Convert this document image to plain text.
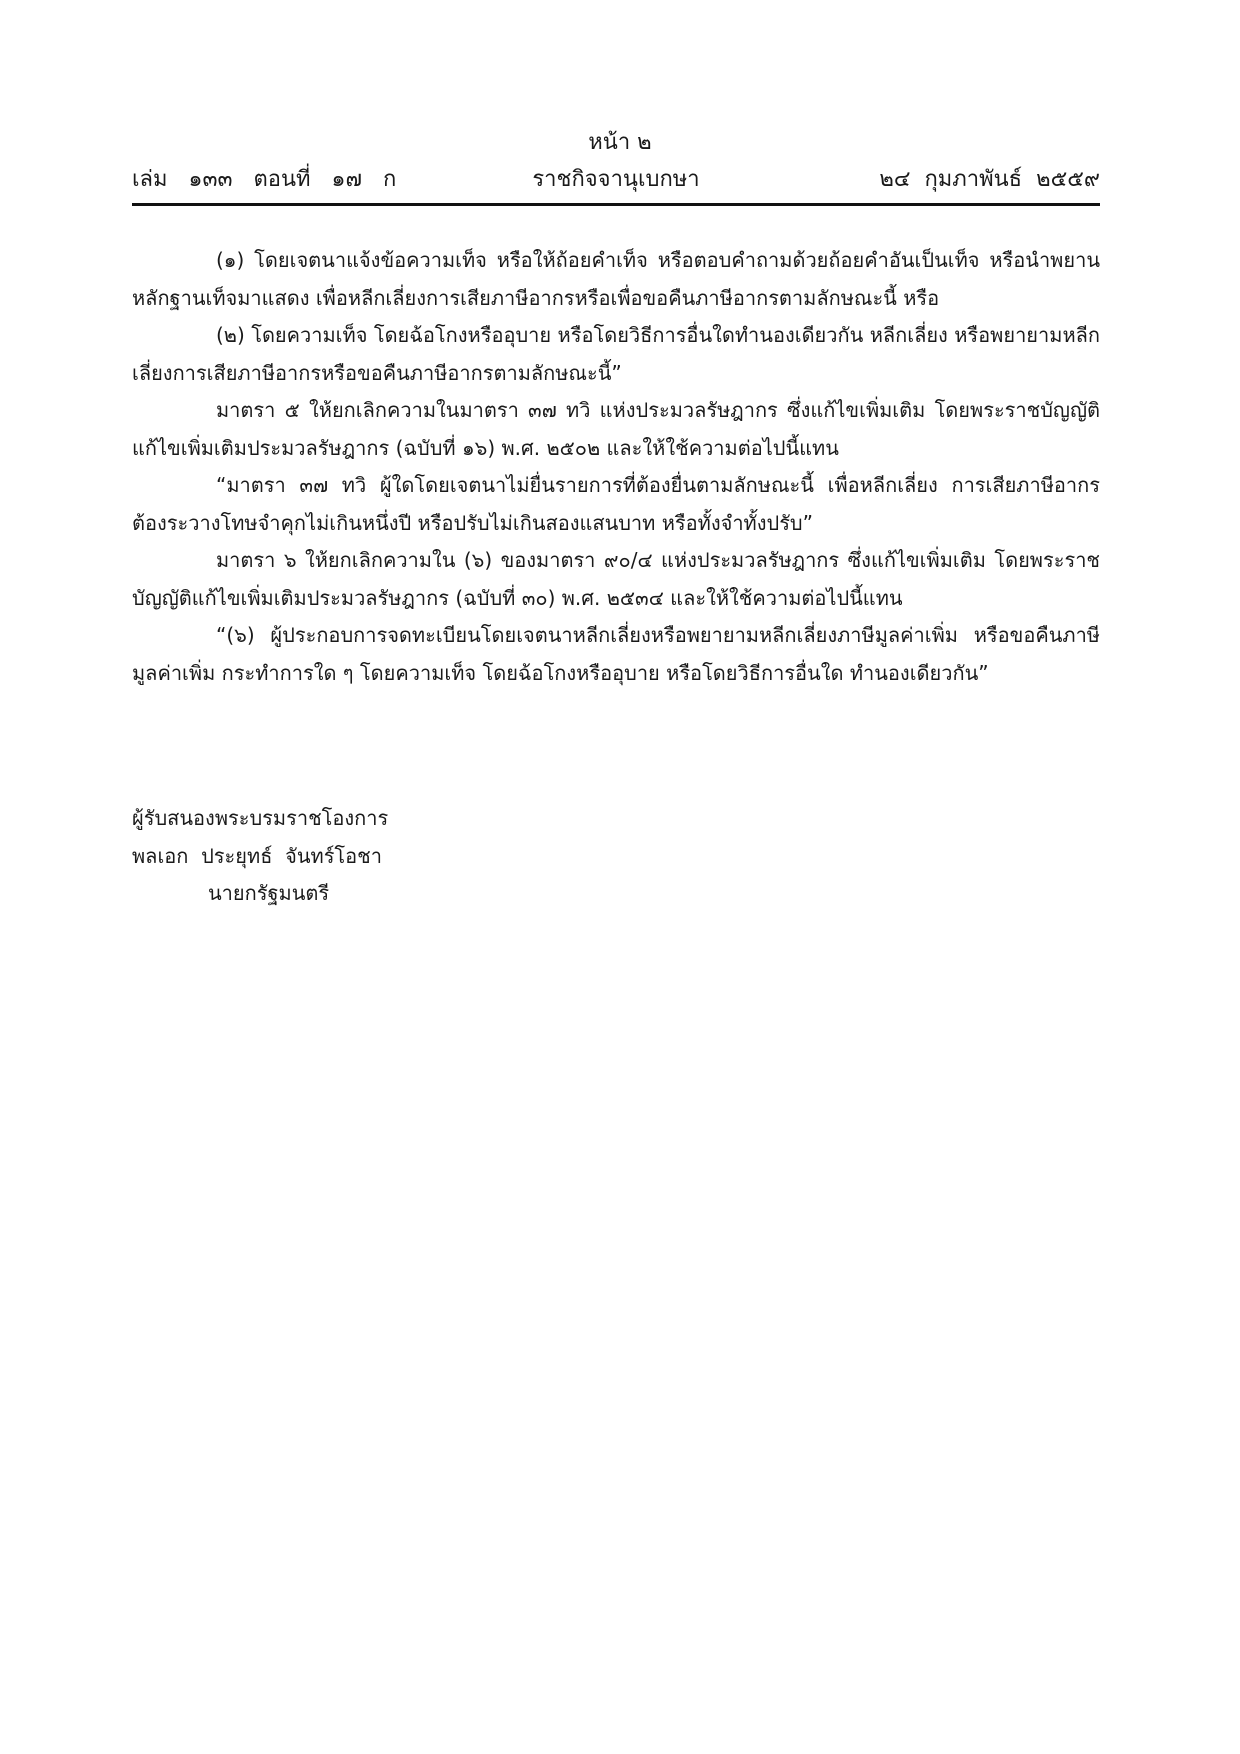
หน้า ๒
ราชกิจจานุเบกษา
เล่ม   ๑๓๓   ตอนที่   ๑๗   ก	๒๔  กุมภาพันธ์  ๒๕๕๙

(๑) โดยเจตนาแจ้งข้อความเท็จ หรือให้ถ้อยคำเท็จ หรือตอบคำถามด้วยถ้อยคำอันเป็นเท็จ หรือนำพยานหลักฐานเท็จมาแสดง เพื่อหลีกเลี่ยงการเสียภาษีอากรหรือเพื่อขอคืนภาษีอากรตามลักษณะนี้ หรือ

(๒) โดยความเท็จ โดยฉ้อโกงหรืออุบาย หรือโดยวิธีการอื่นใดทำนองเดียวกัน หลีกเลี่ยง หรือพยายามหลีกเลี่ยงการเสียภาษีอากรหรือขอคืนภาษีอากรตามลักษณะนี้”

มาตรา ๕ ให้ยกเลิกความในมาตรา ๓๗ ทวิ แห่งประมวลรัษฎากร ซึ่งแก้ไขเพิ่มเติม โดยพระราชบัญญัติแก้ไขเพิ่มเติมประมวลรัษฎากร (ฉบับที่ ๑๖) พ.ศ. ๒๕๐๒ และให้ใช้ความต่อไปนี้แทน

“มาตรา ๓๗ ทวิ ผู้ใดโดยเจตนาไม่ยื่นรายการที่ต้องยื่นตามลักษณะนี้ เพื่อหลีกเลี่ยง การเสียภาษีอากร ต้องระวางโทษจำคุกไม่เกินหนึ่งปี หรือปรับไม่เกินสองแสนบาท หรือทั้งจำทั้งปรับ”

มาตรา ๖ ให้ยกเลิกความใน (๖) ของมาตรา ๙๐/๔ แห่งประมวลรัษฎากร ซึ่งแก้ไขเพิ่มเติม โดยพระราชบัญญัติแก้ไขเพิ่มเติมประมวลรัษฎากร (ฉบับที่ ๓๐) พ.ศ. ๒๕๓๔ และให้ใช้ความต่อไปนี้แทน

“(๖) ผู้ประกอบการจดทะเบียนโดยเจตนาหลีกเลี่ยงหรือพยายามหลีกเลี่ยงภาษีมูลค่าเพิ่ม หรือขอคืนภาษีมูลค่าเพิ่ม กระทำการใด ๆ โดยความเท็จ โดยฉ้อโกงหรืออุบาย หรือโดยวิธีการอื่นใด ทำนองเดียวกัน”

ผู้รับสนองพระบรมราชโองการ
พลเอก  ประยุทธ์  จันทร์โอชา
นายกรัฐมนตรี
